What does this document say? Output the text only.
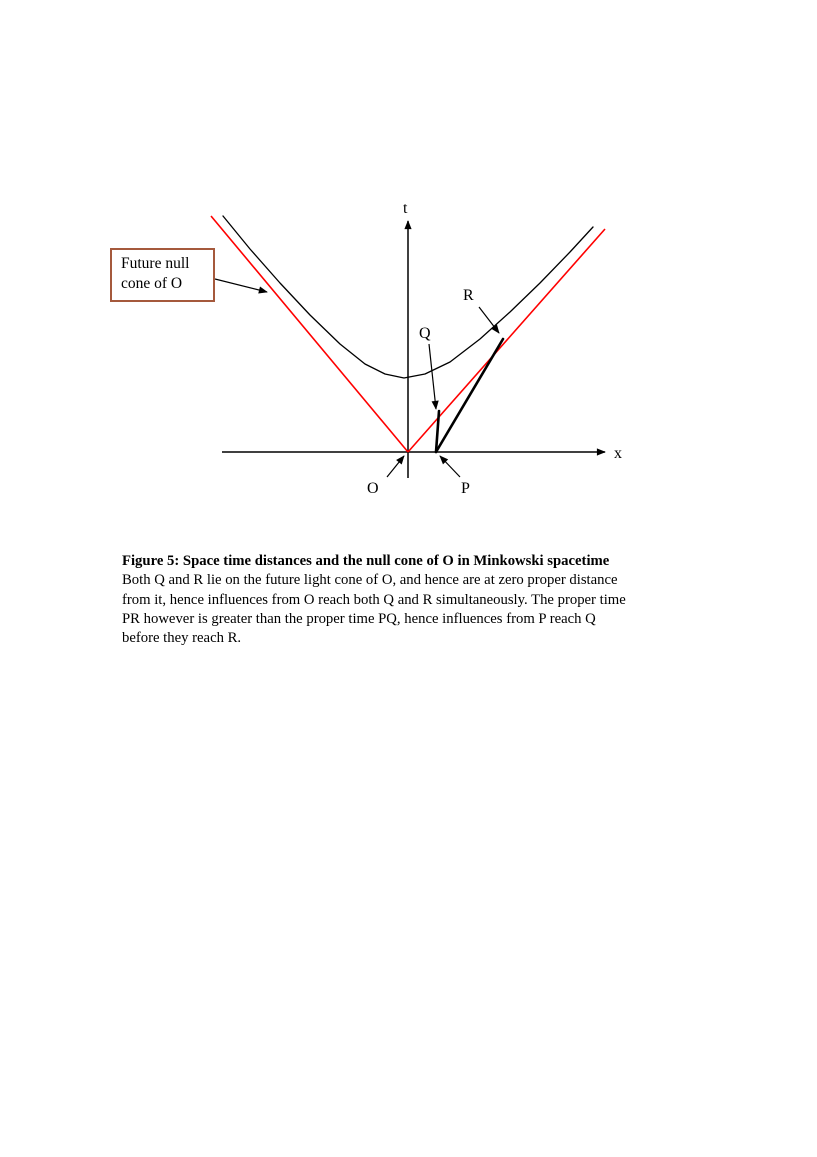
t
x
O	P
Q
R
Future null cone of O
Figure 5: Space time distances and the null cone of O in Minkowski spacetime
Both Q and R lie on the future light cone of O, and hence are at zero proper distance
from it, hence influences from O reach both Q and R simultaneously. The proper time
PR however is greater than the proper time PQ, hence influences from P reach Q
before they reach R.
